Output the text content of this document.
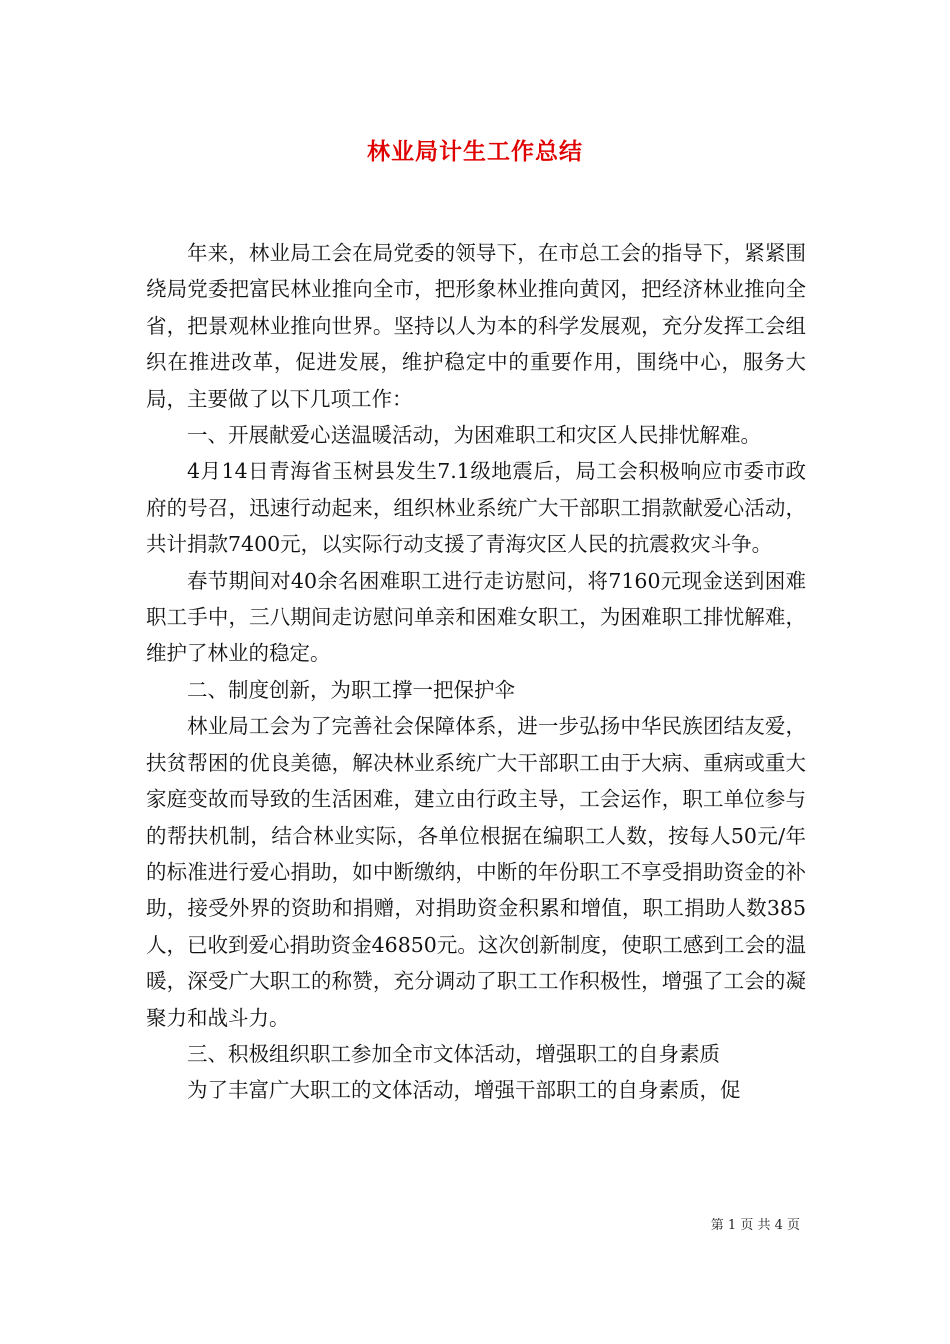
林业局计生工作总结

年来，林业局工会在局党委的领导下，在市总工会的指导下，紧紧围绕局党委把富民林业推向全市，把形象林业推向黄冈，把经济林业推向全省，把景观林业推向世界。坚持以人为本的科学发展观，充分发挥工会组织在推进改革，促进发展，维护稳定中的重要作用，围绕中心，服务大局，主要做了以下几项工作：

一、开展献爱心送温暖活动，为困难职工和灾区人民排忧解难。

4月14日青海省玉树县发生7.1级地震后，局工会积极响应市委市政府的号召，迅速行动起来，组织林业系统广大干部职工捐款献爱心活动，共计捐款7400元，以实际行动支援了青海灾区人民的抗震救灾斗争。

春节期间对40余名困难职工进行走访慰问，将7160元现金送到困难职工手中，三八期间走访慰问单亲和困难女职工，为困难职工排忧解难，维护了林业的稳定。

二、制度创新，为职工撑一把保护伞

林业局工会为了完善社会保障体系，进一步弘扬中华民族团结友爱，扶贫帮困的优良美德，解决林业系统广大干部职工由于大病、重病或重大家庭变故而导致的生活困难，建立由行政主导，工会运作，职工单位参与的帮扶机制，结合林业实际，各单位根据在编职工人数，按每人50元/年的标准进行爱心捐助，如中断缴纳，中断的年份职工不享受捐助资金的补助，接受外界的资助和捐赠，对捐助资金积累和增值，职工捐助人数385人，已收到爱心捐助资金46850元。这次创新制度，使职工感到工会的温暖，深受广大职工的称赞，充分调动了职工工作积极性，增强了工会的凝聚力和战斗力。

三、积极组织职工参加全市文体活动，增强职工的自身素质

为了丰富广大职工的文体活动，增强干部职工的自身素质，促

第 1 页 共 4 页
